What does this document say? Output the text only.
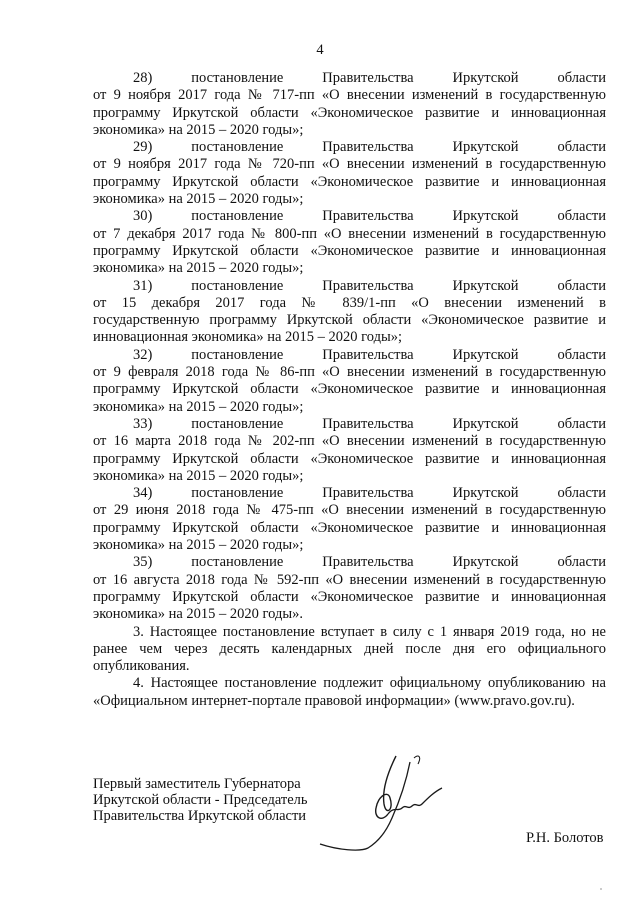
4
28)	постановление	Правительства	Иркутской	области
от 9 ноября 2017 года № 717-пп «О внесении изменений в государственную
программу Иркутской области «Экономическое развитие и инновационная
экономика» на 2015 – 2020 годы»;
29)	постановление	Правительства	Иркутской	области
от 9 ноября 2017 года № 720-пп «О внесении изменений в государственную
программу Иркутской области «Экономическое развитие и инновационная
экономика» на 2015 – 2020 годы»;
30)	постановление	Правительства	Иркутской	области
от 7 декабря 2017 года № 800-пп «О внесении изменений в государственную
программу Иркутской области «Экономическое развитие и инновационная
экономика» на 2015 – 2020 годы»;
31)	постановление	Правительства	Иркутской	области
от 15 декабря 2017 года № 839/1-пп «О внесении изменений в
государственную программу Иркутской области «Экономическое развитие и
инновационная экономика» на 2015 – 2020 годы»;
32)	постановление	Правительства	Иркутской	области
от 9 февраля 2018 года № 86-пп «О внесении изменений в государственную
программу Иркутской области «Экономическое развитие и инновационная
экономика» на 2015 – 2020 годы»;
33)	постановление	Правительства	Иркутской	области
от 16 марта 2018 года № 202-пп «О внесении изменений в государственную
программу Иркутской области «Экономическое развитие и инновационная
экономика» на 2015 – 2020 годы»;
34)	постановление	Правительства	Иркутской	области
от 29 июня 2018 года № 475-пп «О внесении изменений в государственную
программу Иркутской области «Экономическое развитие и инновационная
экономика» на 2015 – 2020 годы»;
35)	постановление	Правительства	Иркутской	области
от 16 августа 2018 года № 592-пп «О внесении изменений в государственную
программу Иркутской области «Экономическое развитие и инновационная
экономика» на 2015 – 2020 годы».

3. Настоящее постановление вступает в силу с 1 января 2019 года, но не ранее чем через десять календарных дней после дня его официального опубликования.

4. Настоящее постановление подлежит официальному опубликованию на «Официальном интернет-портале правовой информации» (www.pravo.gov.ru).

Первый заместитель Губернатора
Иркутской области - Председатель
Правительства Иркутской области
Р.Н. Болотов
